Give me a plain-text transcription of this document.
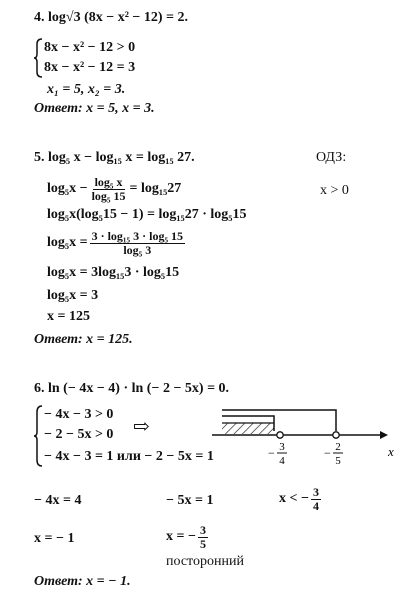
4. log√3 (8x − x² − 12) = 2.
8x − x² − 12 > 0
8x − x² − 12 = 3
x₁ = 5, x₂ = 3.
Ответ: x = 5, x = 3.
5. log₅ x − log₁₅ x = log₁₅ 27.	ОДЗ:
$\log_5x - \frac{\text{log₅ x}}{\text{log₅ 15}} = \log_{15}27$	x > 0
log₅x(log₅15 − 1) = log₁₅27 · log₅15
$\log_5x = \frac{\text{3 · log₁₅ 3 · log₅ 15}}{\text{log₅ 3}}$
log₅x = 3log₁₅3 · log₅15
log₅x = 3
x = 125
Ответ: x = 125.
6. ln (− 4x − 4) · ln (− 2 − 5x) = 0.
− 4x − 3 > 0
− 2 − 5x > 0
− 4x − 3 = 1 или − 2 − 5x = 1
⇨
x
− 3
4
− 2
5
− 4x = 4	− 5x = 1	x < − $\frac{3}{4}$
x = − 1	x = − $\frac{3}{5}$
посторонний
Ответ: x = − 1.
